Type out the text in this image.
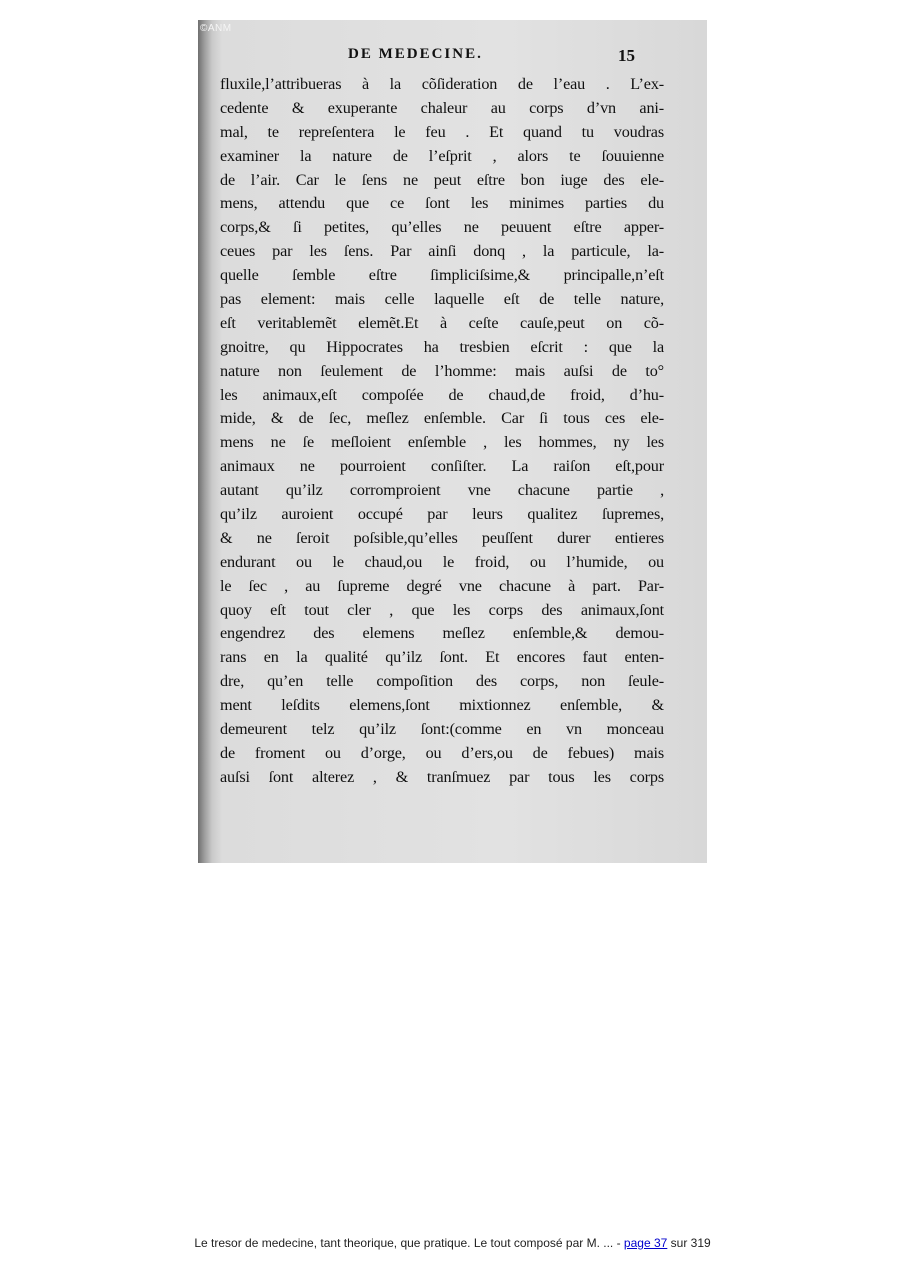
©ANM
DE MEDECINE.	15
fluxile,l’attribueras à la cõſideration de l’eau . L’ex-
cedente & exuperante chaleur au corps d’vn ani-
mal, te repreſentera le feu . Et quand tu voudras
examiner la nature de l’eſprit , alors te ſouuienne
de l’air. Car le ſens ne peut eſtre bon iuge des ele-
mens, attendu que ce ſont les minimes parties du
corps,& ſi petites, qu’elles ne peuuent eſtre apper-
ceues par les ſens. Par ainſi donq , la particule, la-
quelle ſemble eſtre ſimpliciſsime,& principalle,n’eſt
pas element: mais celle laquelle eſt de telle nature,
eſt veritablemẽt elemẽt.Et à ceſte cauſe,peut on cõ-
gnoitre, qu Hippocrates ha tresbien eſcrit : que la
nature non ſeulement de l’homme: mais auſsi de to°
les animaux,eſt compoſée de chaud,de froid, d’hu-
mide, & de ſec, meſlez enſemble. Car ſi tous ces ele-
mens ne ſe meſloient enſemble , les hommes, ny les
animaux ne pourroient conſiſter. La raiſon eſt,pour
autant qu’ilz corromproient vne chacune partie ,
qu’ilz auroient occupé par leurs qualitez ſupremes,
& ne ſeroit poſsible,qu’elles peuſſent durer entieres
endurant ou le chaud,ou le froid, ou l’humide, ou
le ſec , au ſupreme degré vne chacune à part. Par-
quoy eſt tout cler , que les corps des animaux,ſont
engendrez des elemens meſlez enſemble,& demou-
rans en la qualité qu’ilz ſont. Et encores faut enten-
dre, qu’en telle compoſition des corps, non ſeule-
ment leſdits elemens,ſont mixtionnez enſemble, &
demeurent telz qu’ilz ſont:(comme en vn monceau
de froment ou d’orge, ou d’ers,ou de febues) mais
auſsi ſont alterez , & tranſmuez par tous les corps
Le tresor de medecine, tant theorique, que pratique. Le tout composé par M. ... - page 37 sur 319
